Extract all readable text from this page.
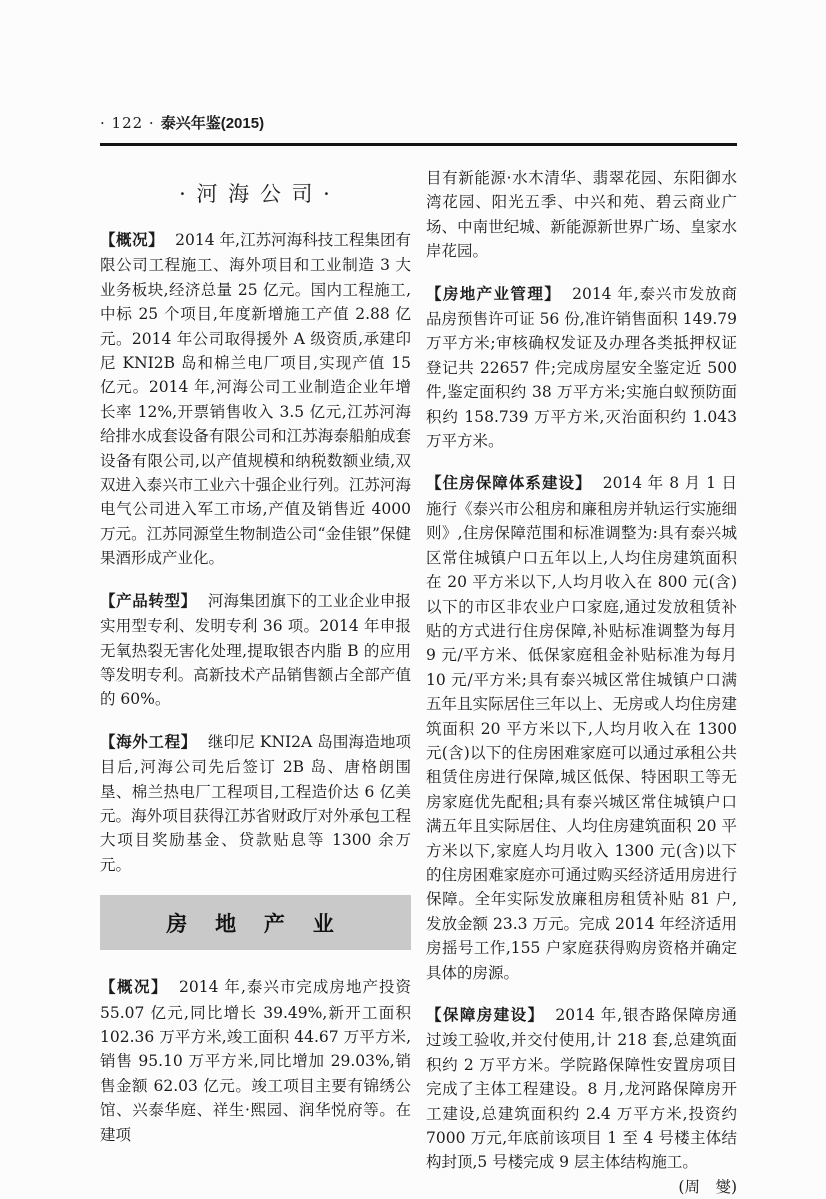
· 122 · 泰兴年鉴(2015)
· 河 海 公 司 ·

【概况】 2014 年,江苏河海科技工程集团有限公司工程施工、海外项目和工业制造 3 大业务板块,经济总量 25 亿元。国内工程施工,中标 25 个项目,年度新增施工产值 2.88 亿元。2014 年公司取得援外 A 级资质,承建印尼 KNI2B 岛和棉兰电厂项目,实现产值 15 亿元。2014 年,河海公司工业制造企业年增长率 12%,开票销售收入 3.5 亿元,江苏河海给排水成套设备有限公司和江苏海泰船舶成套设备有限公司,以产值规模和纳税数额业绩,双双进入泰兴市工业六十强企业行列。江苏河海电气公司进入军工市场,产值及销售近 4000 万元。江苏同源堂生物制造公司“金佳银”保健果酒形成产业化。

【产品转型】 河海集团旗下的工业企业申报实用型专利、发明专利 36 项。2014 年申报无氧热裂无害化处理,提取银杏内脂 B 的应用等发明专利。高新技术产品销售额占全部产值的 60%。

【海外工程】 继印尼 KNI2A 岛围海造地项目后,河海公司先后签订 2B 岛、唐格朗围垦、棉兰热电厂工程项目,工程造价达 6 亿美元。海外项目获得江苏省财政厅对外承包工程大项目奖励基金、贷款贴息等 1300 余万元。

房 地 产 业

【概况】 2014 年,泰兴市完成房地产投资 55.07 亿元,同比增长 39.49%,新开工面积 102.36 万平方米,竣工面积 44.67 万平方米,销售 95.10 万平方米,同比增加 29.03%,销售金额 62.03 亿元。竣工项目主要有锦绣公馆、兴泰华庭、祥生·熙园、润华悦府等。在建项

目有新能源·水木清华、翡翠花园、东阳御水湾花园、阳光五季、中兴和苑、碧云商业广场、中南世纪城、新能源新世界广场、皇家水岸花园。

【房地产业管理】 2014 年,泰兴市发放商品房预售许可证 56 份,准许销售面积 149.79 万平方米;审核确权发证及办理各类抵押权证登记共 22657 件;完成房屋安全鉴定近 500 件,鉴定面积约 38 万平方米;实施白蚁预防面积约 158.739 万平方米,灭治面积约 1.043 万平方米。

【住房保障体系建设】 2014 年 8 月 1 日施行《泰兴市公租房和廉租房并轨运行实施细则》,住房保障范围和标准调整为:具有泰兴城区常住城镇户口五年以上,人均住房建筑面积在 20 平方米以下,人均月收入在 800 元(含)以下的市区非农业户口家庭,通过发放租赁补贴的方式进行住房保障,补贴标准调整为每月 9 元/平方米、低保家庭租金补贴标准为每月 10 元/平方米;具有泰兴城区常住城镇户口满五年且实际居住三年以上、无房或人均住房建筑面积 20 平方米以下,人均月收入在 1300 元(含)以下的住房困难家庭可以通过承租公共租赁住房进行保障,城区低保、特困职工等无房家庭优先配租;具有泰兴城区常住城镇户口满五年且实际居住、人均住房建筑面积 20 平方米以下,家庭人均月收入 1300 元(含)以下的住房困难家庭亦可通过购买经济适用房进行保障。全年实际发放廉租房租赁补贴 81 户,发放金额 23.3 万元。完成 2014 年经济适用房摇号工作,155 户家庭获得购房资格并确定具体的房源。

【保障房建设】 2014 年,银杏路保障房通过竣工验收,并交付使用,计 218 套,总建筑面积约 2 万平方米。学院路保障性安置房项目完成了主体工程建设。8 月,龙河路保障房开工建设,总建筑面积约 2.4 万平方米,投资约 7000 万元,年底前该项目 1 至 4 号楼主体结构封顶,5 号楼完成 9 层主体结构施工。
(周　燮)
